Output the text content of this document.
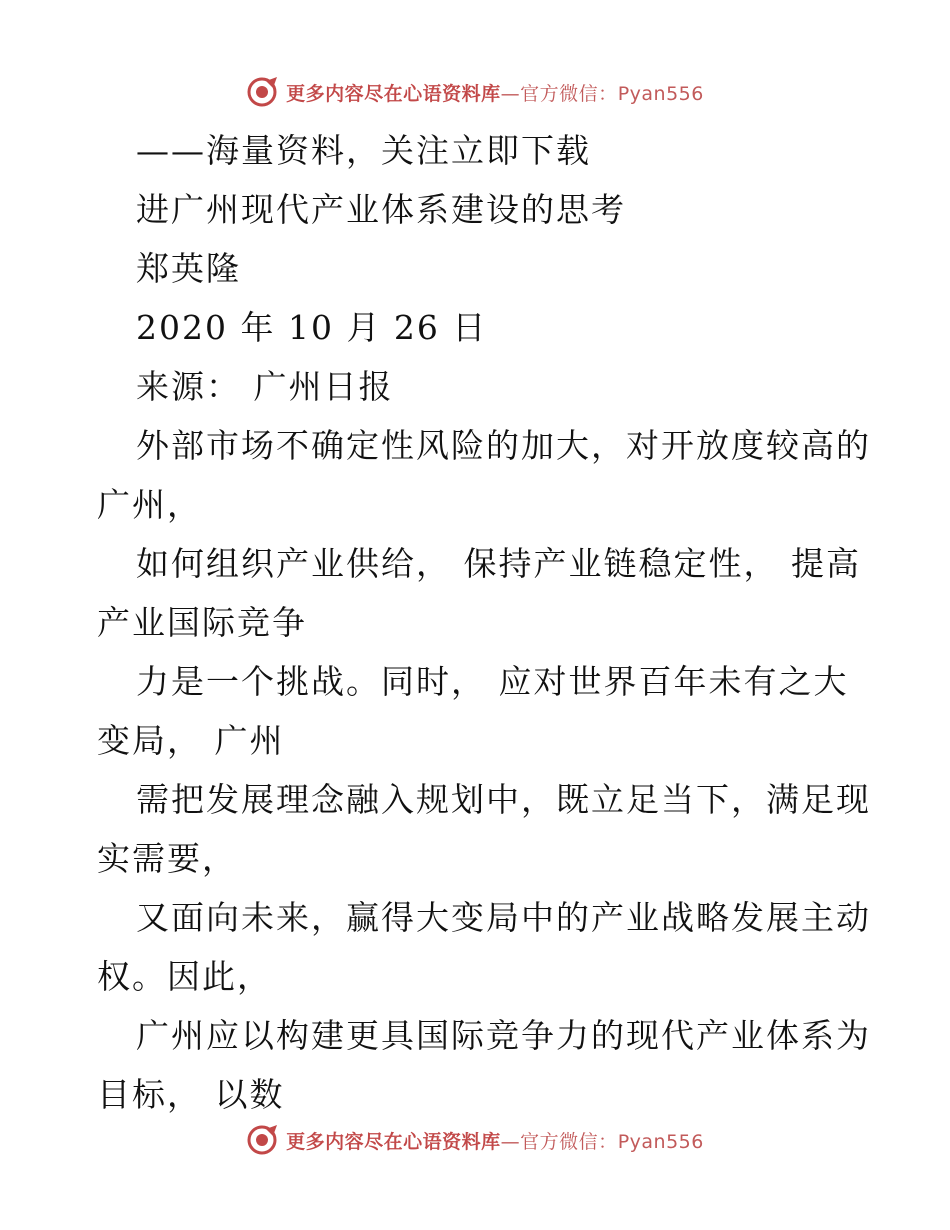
更多内容尽在心语资料库—官方微信：Pyan556
——海量资料，关注立即下载
进广州现代产业体系建设的思考
郑英隆
2020 年 10 月 26 日
来源： 广州日报
外部市场不确定性风险的加大，对开放度较高的
广州，
如何组织产业供给， 保持产业链稳定性， 提高
产业国际竞争
力是一个挑战。同时， 应对世界百年未有之大
变局， 广州
需把发展理念融入规划中，既立足当下，满足现
实需要，
又面向未来，赢得大变局中的产业战略发展主动
权。因此，
广州应以构建更具国际竞争力的现代产业体系为
目标， 以数
更多内容尽在心语资料库—官方微信：Pyan556
